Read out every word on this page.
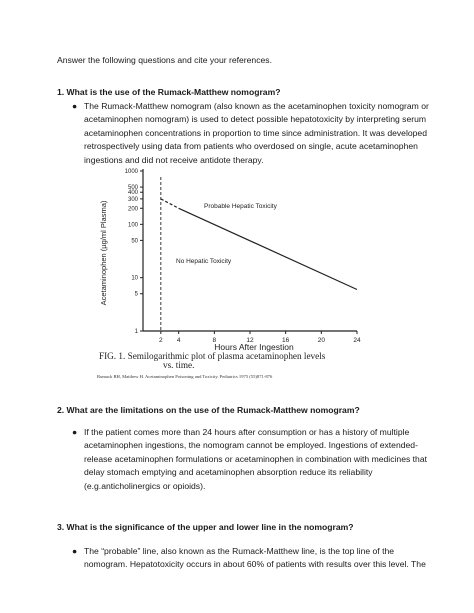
Answer the following questions and cite your references.
1. What is the use of the Rumack-Matthew nomogram?
● The Rumack-Matthew nomogram (also known as the acetaminophen toxicity nomogram or
acetaminophen nomogram) is used to detect possible hepatotoxicity by interpreting serum
acetaminophen concentrations in proportion to time since administration. It was developed
retrospectively using data from patients who overdosed on single, acute acetaminophen
ingestions and did not receive antidote therapy.
1
5
10
50
100
200
300
400
500
1000
2 4	8	12	16	20	24
Acetaminophen (µg/ml Plasma)
Hours After Ingestion
Probable Hepatic Toxicity
No Hepatic Toxicity
FIG. 1. Semilogarithmic plot of plasma acetaminophen levels
vs. time.
Rumack BH, Matthew H. Acetaminophen Poisoning and Toxicity. Pediatrics 1975 (55)871-876
2. What are the limitations on the use of the Rumack-Matthew nomogram?
● If the patient comes more than 24 hours after consumption or has a history of multiple
acetaminophen ingestions, the nomogram cannot be employed. Ingestions of extended-
release acetaminophen formulations or acetaminophen in combination with medicines that
delay stomach emptying and acetaminophen absorption reduce its reliability
(e.g.anticholinergics or opioids).
3. What is the significance of the upper and lower line in the nomogram?
● The “probable” line, also known as the Rumack-Matthew line, is the top line of the
nomogram. Hepatotoxicity occurs in about 60% of patients with results over this level. The
